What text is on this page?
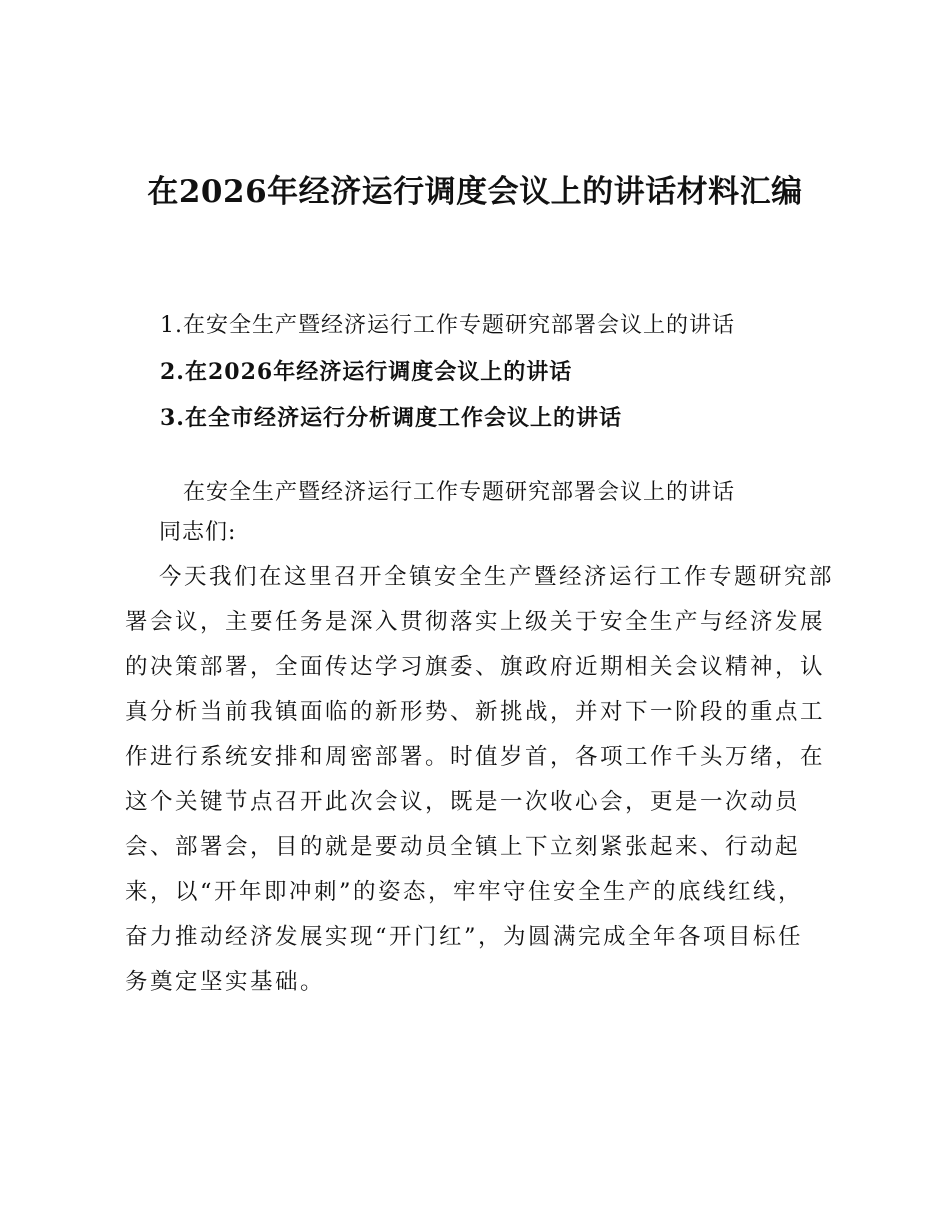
在2026年经济运行调度会议上的讲话材料汇编
1.在安全生产暨经济运行工作专题研究部署会议上的讲话
2.在2026年经济运行调度会议上的讲话
3.在全市经济运行分析调度工作会议上的讲话

在安全生产暨经济运行工作专题研究部署会议上的讲话

同志们:

今天我们在这里召开全镇安全生产暨经济运行工作专题研究部
署会议，主要任务是深入贯彻落实上级关于安全生产与经济发展
的决策部署，全面传达学习旗委、旗政府近期相关会议精神，认
真分析当前我镇面临的新形势、新挑战，并对下一阶段的重点工
作进行系统安排和周密部署。时值岁首，各项工作千头万绪，在
这个关键节点召开此次会议，既是一次收心会，更是一次动员
会、部署会，目的就是要动员全镇上下立刻紧张起来、行动起
来，以“开年即冲刺”的姿态，牢牢守住安全生产的底线红线，
奋力推动经济发展实现“开门红”，为圆满完成全年各项目标任
务奠定坚实基础。
